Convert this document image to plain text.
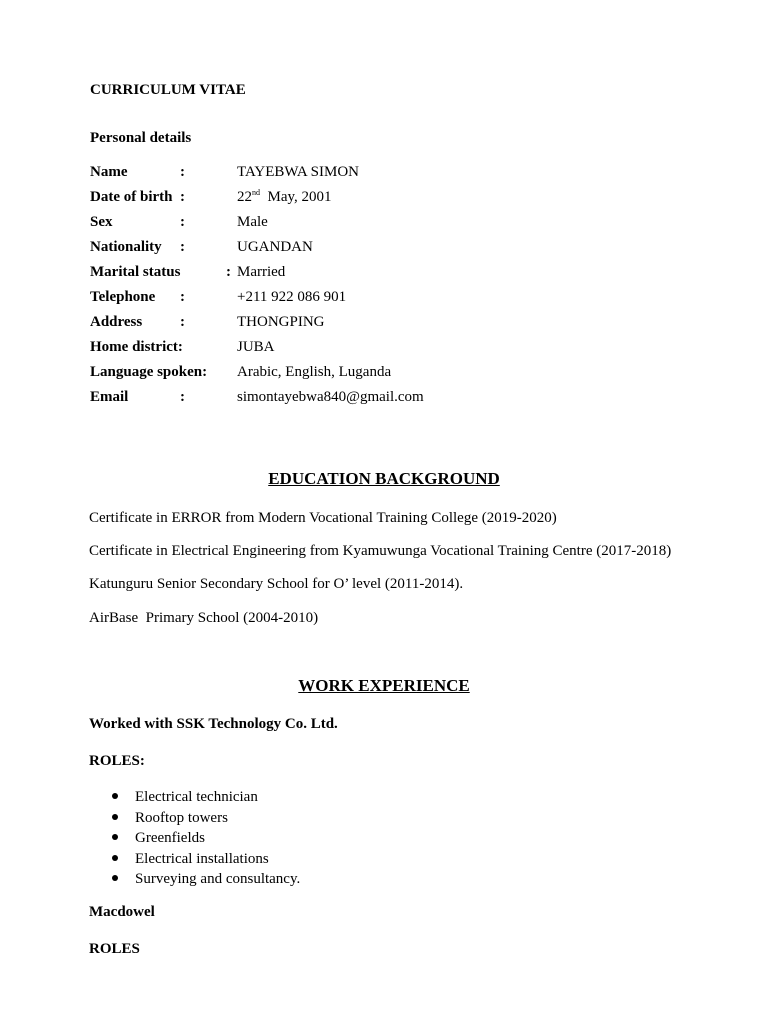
CURRICULUM VITAE
Personal details
Name	:	TAYEBWA SIMON
Date of birth :	22nd  May, 2001
Sex	:	Male
Nationality :	UGANDAN
Marital status	: Married
Telephone :	+211 922 086 901
Address	:	THONGPING
Home district:	JUBA
Language spoken: Arabic, English, Luganda
Email	:	simontayebwa840@gmail.com
EDUCATION BACKGROUND
Certificate in ERROR from Modern Vocational Training College (2019-2020)
Certificate in Electrical Engineering from Kyamuwunga Vocational Training Centre (2017-2018)
Katunguru Senior Secondary School for O’ level (2011-2014).
AirBase  Primary School (2004-2010)
WORK EXPERIENCE
Worked with SSK Technology Co. Ltd.
ROLES:
Electrical technician
Rooftop towers
Greenfields
Electrical installations
Surveying and consultancy.
Macdowel
ROLES
